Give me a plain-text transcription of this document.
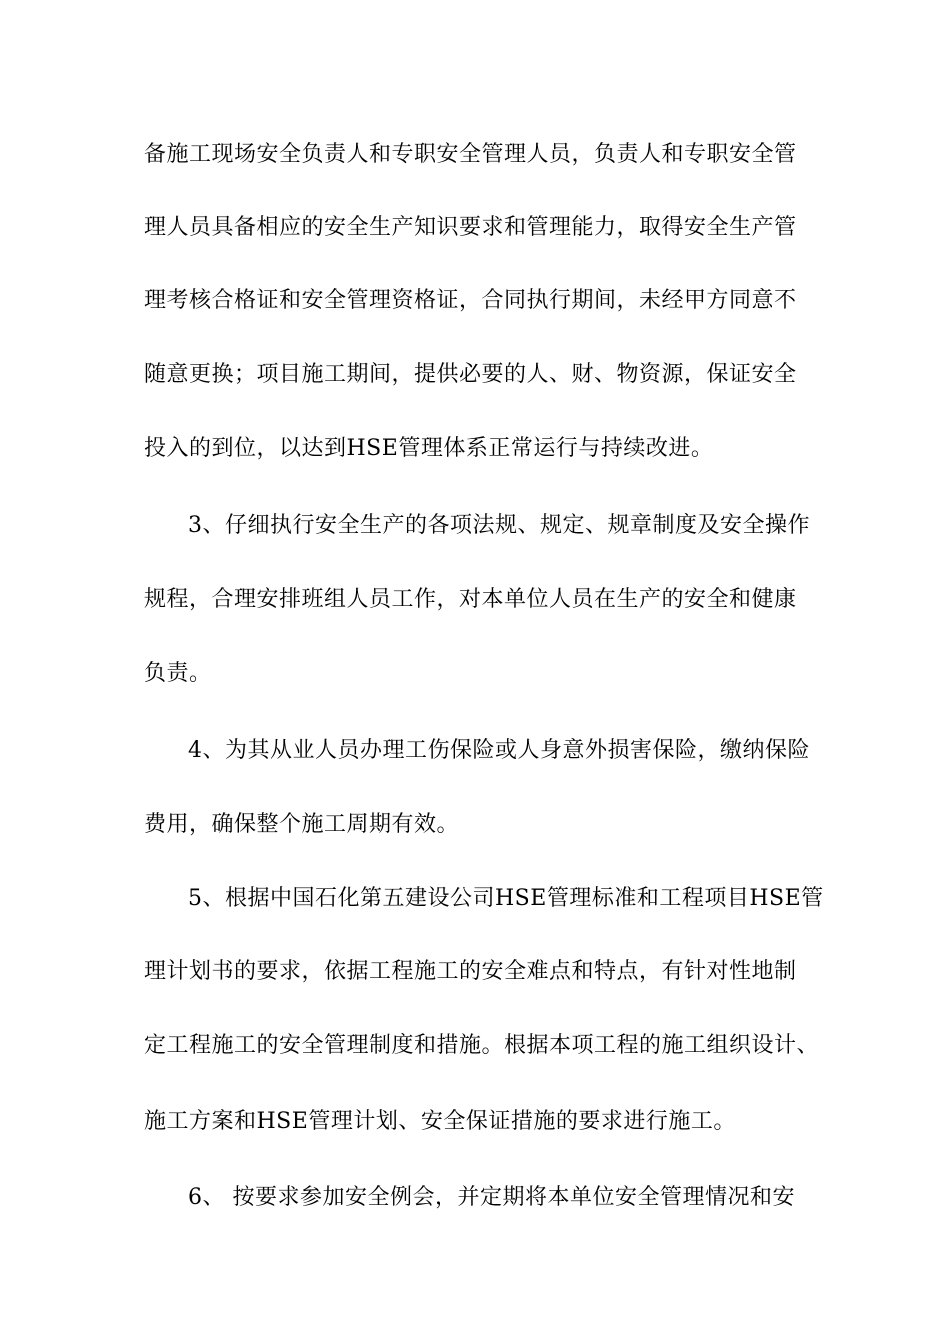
备施工现场安全负责人和专职安全管理人员，负责人和专职安全管
理人员具备相应的安全生产知识要求和管理能力，取得安全生产管
理考核合格证和安全管理资格证，合同执行期间，未经甲方同意不
随意更换；项目施工期间，提供必要的人、财、物资源，保证安全
投入的到位，以达到HSE管理体系正常运行与持续改进。
3、仔细执行安全生产的各项法规、规定、规章制度及安全操作
规程，合理安排班组人员工作，对本单位人员在生产的安全和健康
负责。
4、为其从业人员办理工伤保险或人身意外损害保险，缴纳保险
费用，确保整个施工周期有效。
5、根据中国石化第五建设公司HSE管理标准和工程项目HSE管
理计划书的要求，依据工程施工的安全难点和特点，有针对性地制
定工程施工的安全管理制度和措施。根据本项工程的施工组织设计、
施工方案和HSE管理计划、安全保证措施的要求进行施工。
6、 按要求参加安全例会，并定期将本单位安全管理情况和安
